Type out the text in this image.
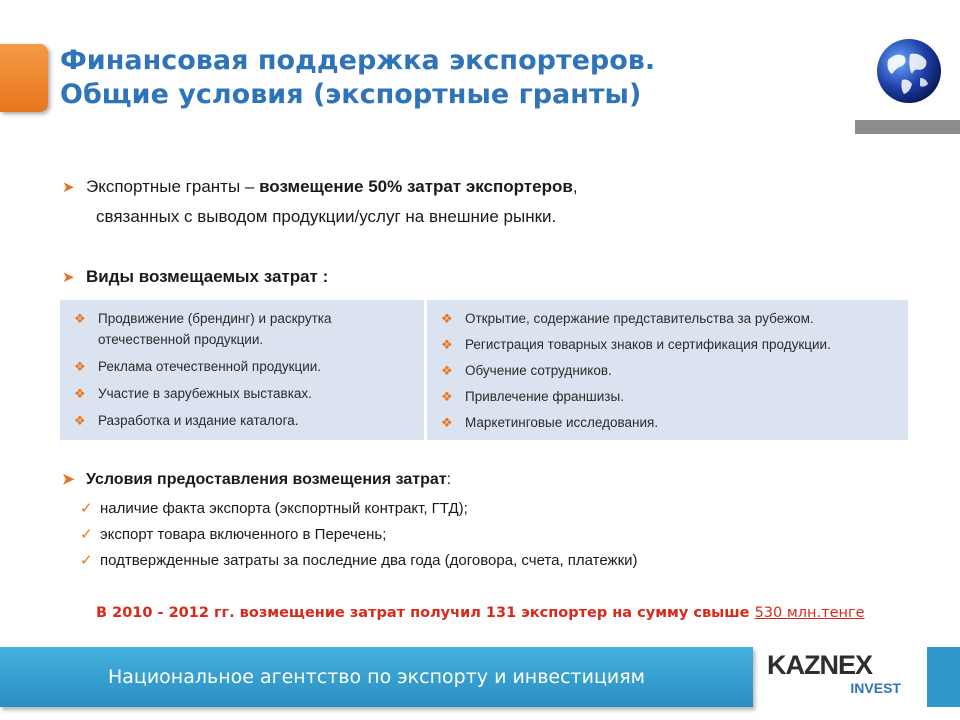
Финансовая поддержка экспортеров.
Общие условия (экспортные гранты)
➤ Экспортные гранты – возмещение 50% затрат экспортеров,
связанных с выводом продукции/услуг на внешние рынки.
➤ Виды возмещаемых затрат :
❖ Продвижение (брендинг) и раскрутка отечественной продукции.
❖ Реклама отечественной продукции.
❖ Участие в зарубежных выставках.
❖ Разработка и издание каталога.
❖ Открытие, содержание представительства за рубежом.
❖ Регистрация товарных знаков и сертификация продукции.
❖ Обучение сотрудников.
❖ Привлечение франшизы.
❖ Маркетинговые исследования.
➤ Условия предоставления возмещения затрат:
✓ наличие факта экспорта (экспортный контракт, ГТД);
✓ экспорт товара включенного в Перечень;
✓ подтвержденные затраты за последние два года (договора, счета, платежки)
В 2010 - 2012 гг. возмещение затрат получил 131 экспортер на сумму свыше 530 млн.тенге
Национальное агентство по экспорту и инвестициям	KAZNEX
INVEST
